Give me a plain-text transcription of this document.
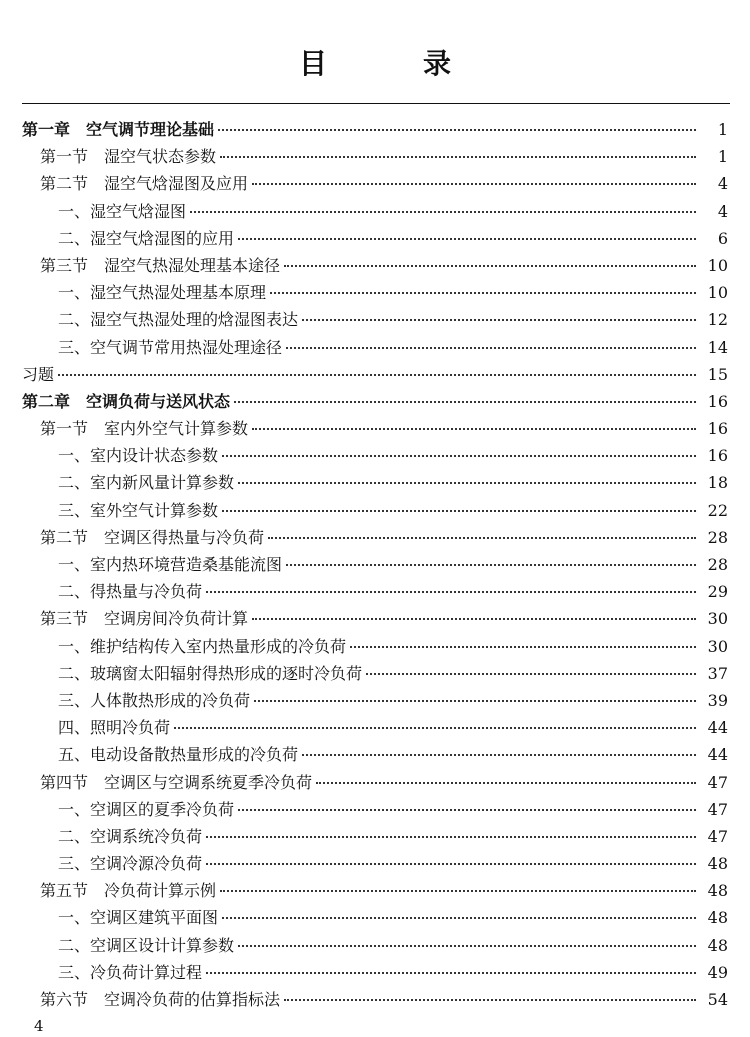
目　录
第一章　空气调节理论基础	1
第一节　湿空气状态参数	1
第二节　湿空气焓湿图及应用	4
一、湿空气焓湿图	4
二、湿空气焓湿图的应用	6
第三节　湿空气热湿处理基本途径	10
一、湿空气热湿处理基本原理	10
二、湿空气热湿处理的焓湿图表达	12
三、空气调节常用热湿处理途径	14
习题	15
第二章　空调负荷与送风状态	16
第一节　室内外空气计算参数	16
一、室内设计状态参数	16
二、室内新风量计算参数	18
三、室外空气计算参数	22
第二节　空调区得热量与冷负荷	28
一、室内热环境营造桑基能流图	28
二、得热量与冷负荷	29
第三节　空调房间冷负荷计算	30
一、维护结构传入室内热量形成的冷负荷	30
二、玻璃窗太阳辐射得热形成的逐时冷负荷	37
三、人体散热形成的冷负荷	39
四、照明冷负荷	44
五、电动设备散热量形成的冷负荷	44
第四节　空调区与空调系统夏季冷负荷	47
一、空调区的夏季冷负荷	47
二、空调系统冷负荷	47
三、空调冷源冷负荷	48
第五节　冷负荷计算示例	48
一、空调区建筑平面图	48
二、空调区设计计算参数	48
三、冷负荷计算过程	49
第六节　空调冷负荷的估算指标法	54
4
